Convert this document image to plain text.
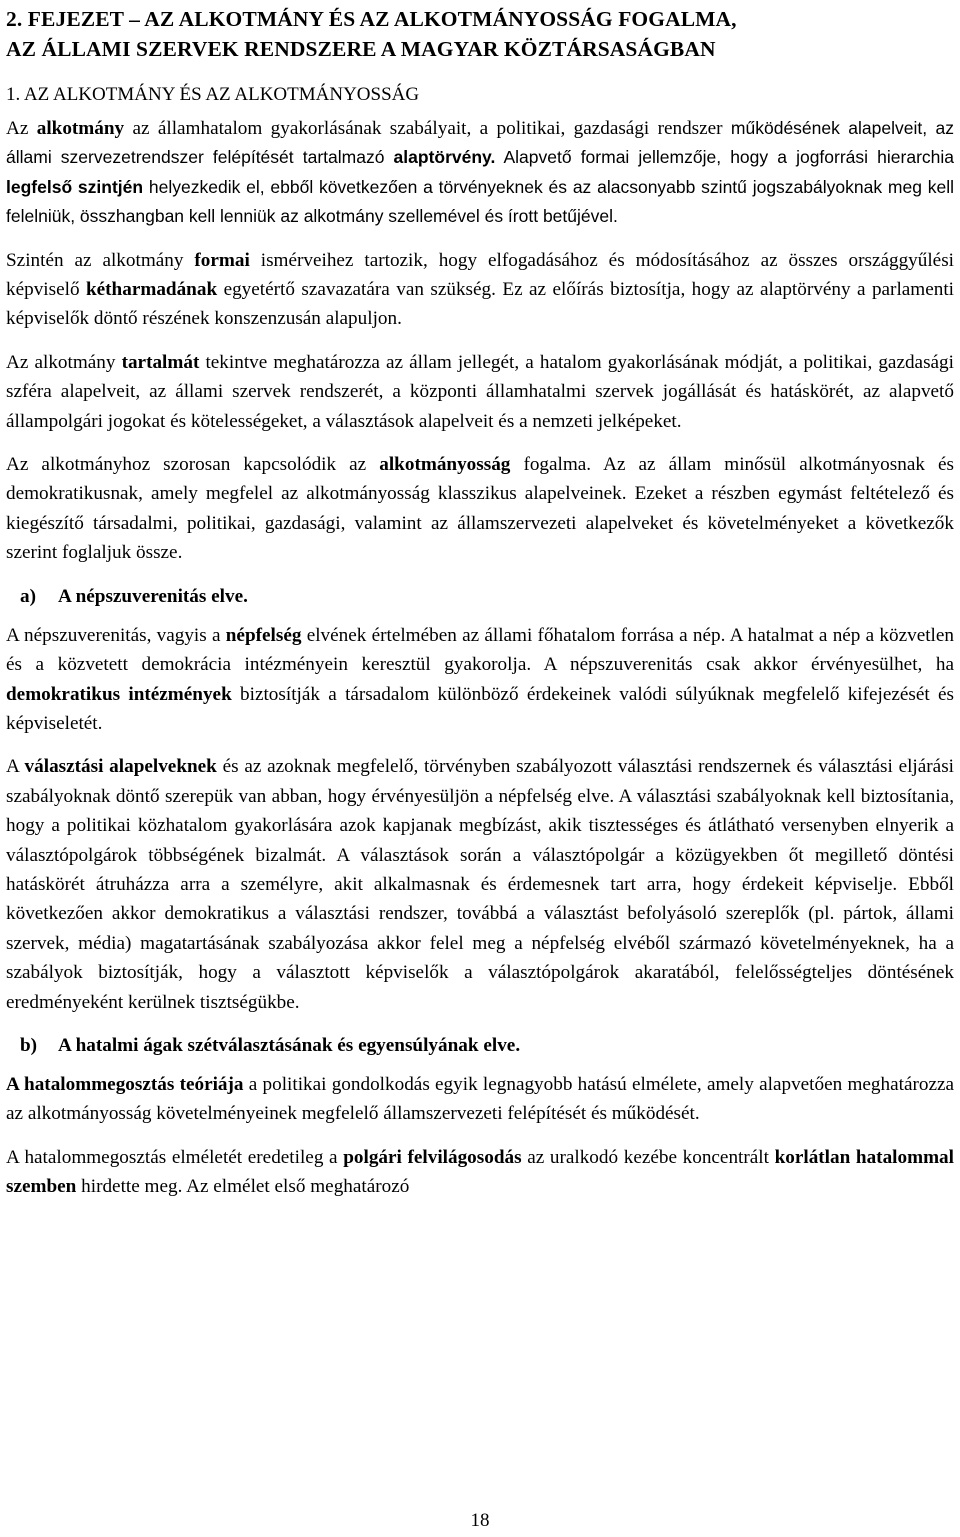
2. FEJEZET – AZ ALKOTMÁNY ÉS AZ ALKOTMÁNYOSSÁG FOGALMA,
AZ ÁLLAMI SZERVEK RENDSZERE A MAGYAR KÖZTÁRSASÁGBAN
1. AZ ALKOTMÁNY ÉS AZ ALKOTMÁNYOSSÁG

Az alkotmány az államhatalom gyakorlásának szabályait, a politikai, gazdasági rendszer működésének alapelveit, az állami szervezetrendszer felépítését tartalmazó alaptörvény. Alapvető formai jellemzője, hogy a jogforrási hierarchia legfelső szintjén helyezkedik el, ebből következően a törvényeknek és az alacsonyabb szintű jogszabályoknak meg kell felelniük, összhangban kell lenniük az alkotmány szellemével és írott betűjével.

Szintén az alkotmány formai ismérveihez tartozik, hogy elfogadásához és módosításához az összes országgyűlési képviselő kétharmadának egyetértő szavazatára van szükség. Ez az előírás biztosítja, hogy az alaptörvény a parlamenti képviselők döntő részének konszenzusán alapuljon.

Az alkotmány tartalmát tekintve meghatározza az állam jellegét, a hatalom gyakorlásának módját, a politikai, gazdasági szféra alapelveit, az állami szervek rendszerét, a központi államhatalmi szervek jogállását és hatáskörét, az alapvető állampolgári jogokat és kötelességeket, a választások alapelveit és a nemzeti jelképeket.

Az alkotmányhoz szorosan kapcsolódik az alkotmányosság fogalma. Az az állam minősül alkotmányosnak és demokratikusnak, amely megfelel az alkotmányosság klasszikus alapelveinek. Ezeket a részben egymást feltételező és kiegészítő társadalmi, politikai, gazdasági, valamint az államszervezeti alapelveket és követelményeket a következők szerint foglaljuk össze.

a) A népszuverenitás elve.

A népszuverenitás, vagyis a népfelség elvének értelmében az állami főhatalom forrása a nép. A hatalmat a nép a közvetlen és a közvetett demokrácia intézményein keresztül gyakorolja. A népszuverenitás csak akkor érvényesülhet, ha demokratikus intézmények biztosítják a társadalom különböző érdekeinek valódi súlyúknak megfelelő kifejezését és képviseletét.

A választási alapelveknek és az azoknak megfelelő, törvényben szabályozott választási rendszernek és választási eljárási szabályoknak döntő szerepük van abban, hogy érvényesüljön a népfelség elve. A választási szabályoknak kell biztosítania, hogy a politikai közhatalom gyakorlására azok kapjanak megbízást, akik tisztességes és átlátható versenyben elnyerik a választópolgárok többségének bizalmát. A választások során a választópolgár a közügyekben őt megillető döntési hatáskörét átruházza arra a személyre, akit alkalmasnak és érdemesnek tart arra, hogy érdekeit képviselje. Ebből következően akkor demokratikus a választási rendszer, továbbá a választást befolyásoló szereplők (pl. pártok, állami szervek, média) magatartásának szabályozása akkor felel meg a népfelség elvéből származó követelményeknek, ha a szabályok biztosítják, hogy a választott képviselők a választópolgárok akaratából, felelősségteljes döntésének eredményeként kerülnek tisztségükbe.

b) A hatalmi ágak szétválasztásának és egyensúlyának elve.

A hatalommegosztás teóriája a politikai gondolkodás egyik legnagyobb hatású elmélete, amely alapvetően meghatározza az alkotmányosság követelményeinek megfelelő államszervezeti felépítését és működését.

A hatalommegosztás elméletét eredetileg a polgári felvilágosodás az uralkodó kezébe koncentrált korlátlan hatalommal szemben hirdette meg. Az elmélet első meghatározó

18
